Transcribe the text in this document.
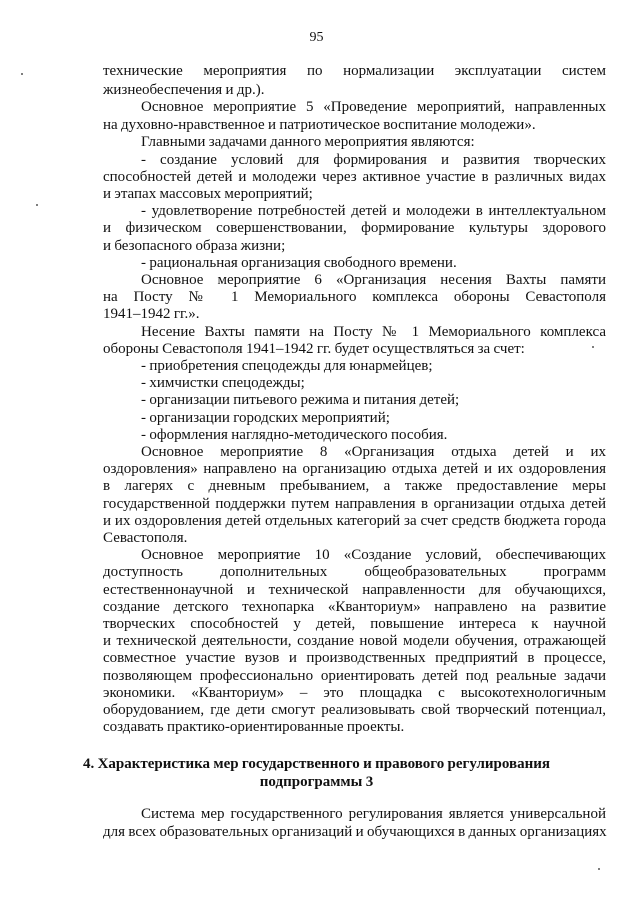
95
технические мероприятия по нормализации эксплуатации систем
жизнеобеспечения и др.).
Основное мероприятие 5 «Проведение мероприятий, направленных
на духовно-нравственное и патриотическое воспитание молодежи».
Главными задачами данного мероприятия являются:
- создание условий для формирования и развития творческих
способностей детей и молодежи через активное участие в различных видах
и этапах массовых мероприятий;
- удовлетворение потребностей детей и молодежи в интеллектуальном
и физическом совершенствовании, формирование культуры здорового
и безопасного образа жизни;
- рациональная организация свободного времени.
Основное мероприятие 6 «Организация несения Вахты памяти
на Посту № 1 Мемориального комплекса обороны Севастополя
1941–1942 гг.».
Несение Вахты памяти на Посту № 1 Мемориального комплекса
обороны Севастополя 1941–1942 гг. будет осуществляться за счет:
- приобретения спецодежды для юнармейцев;
- химчистки спецодежды;
- организации питьевого режима и питания детей;
- организации городских мероприятий;
- оформления наглядно-методического пособия.
Основное мероприятие 8 «Организация отдыха детей и их
оздоровления» направлено на организацию отдыха детей и их оздоровления
в лагерях с дневным пребыванием, а также предоставление меры
государственной поддержки путем направления в организации отдыха детей
и их оздоровления детей отдельных категорий за счет средств бюджета города
Севастополя.
Основное мероприятие 10 «Создание условий, обеспечивающих
доступность дополнительных общеобразовательных программ
естественнонаучной и технической направленности для обучающихся,
создание детского технопарка «Кванториум» направлено на развитие
творческих способностей у детей, повышение интереса к научной
и технической деятельности, создание новой модели обучения, отражающей
совместное участие вузов и производственных предприятий в процессе,
позволяющем профессионально ориентировать детей под реальные задачи
экономики. «Кванториум» – это площадка с высокотехнологичным
оборудованием, где дети смогут реализовывать свой творческий потенциал,
создавать практико-ориентированные проекты.
4. Характеристика мер государственного и правового регулирования
подпрограммы 3
Система мер государственного регулирования является универсальной
для всех образовательных организаций и обучающихся в данных организациях
